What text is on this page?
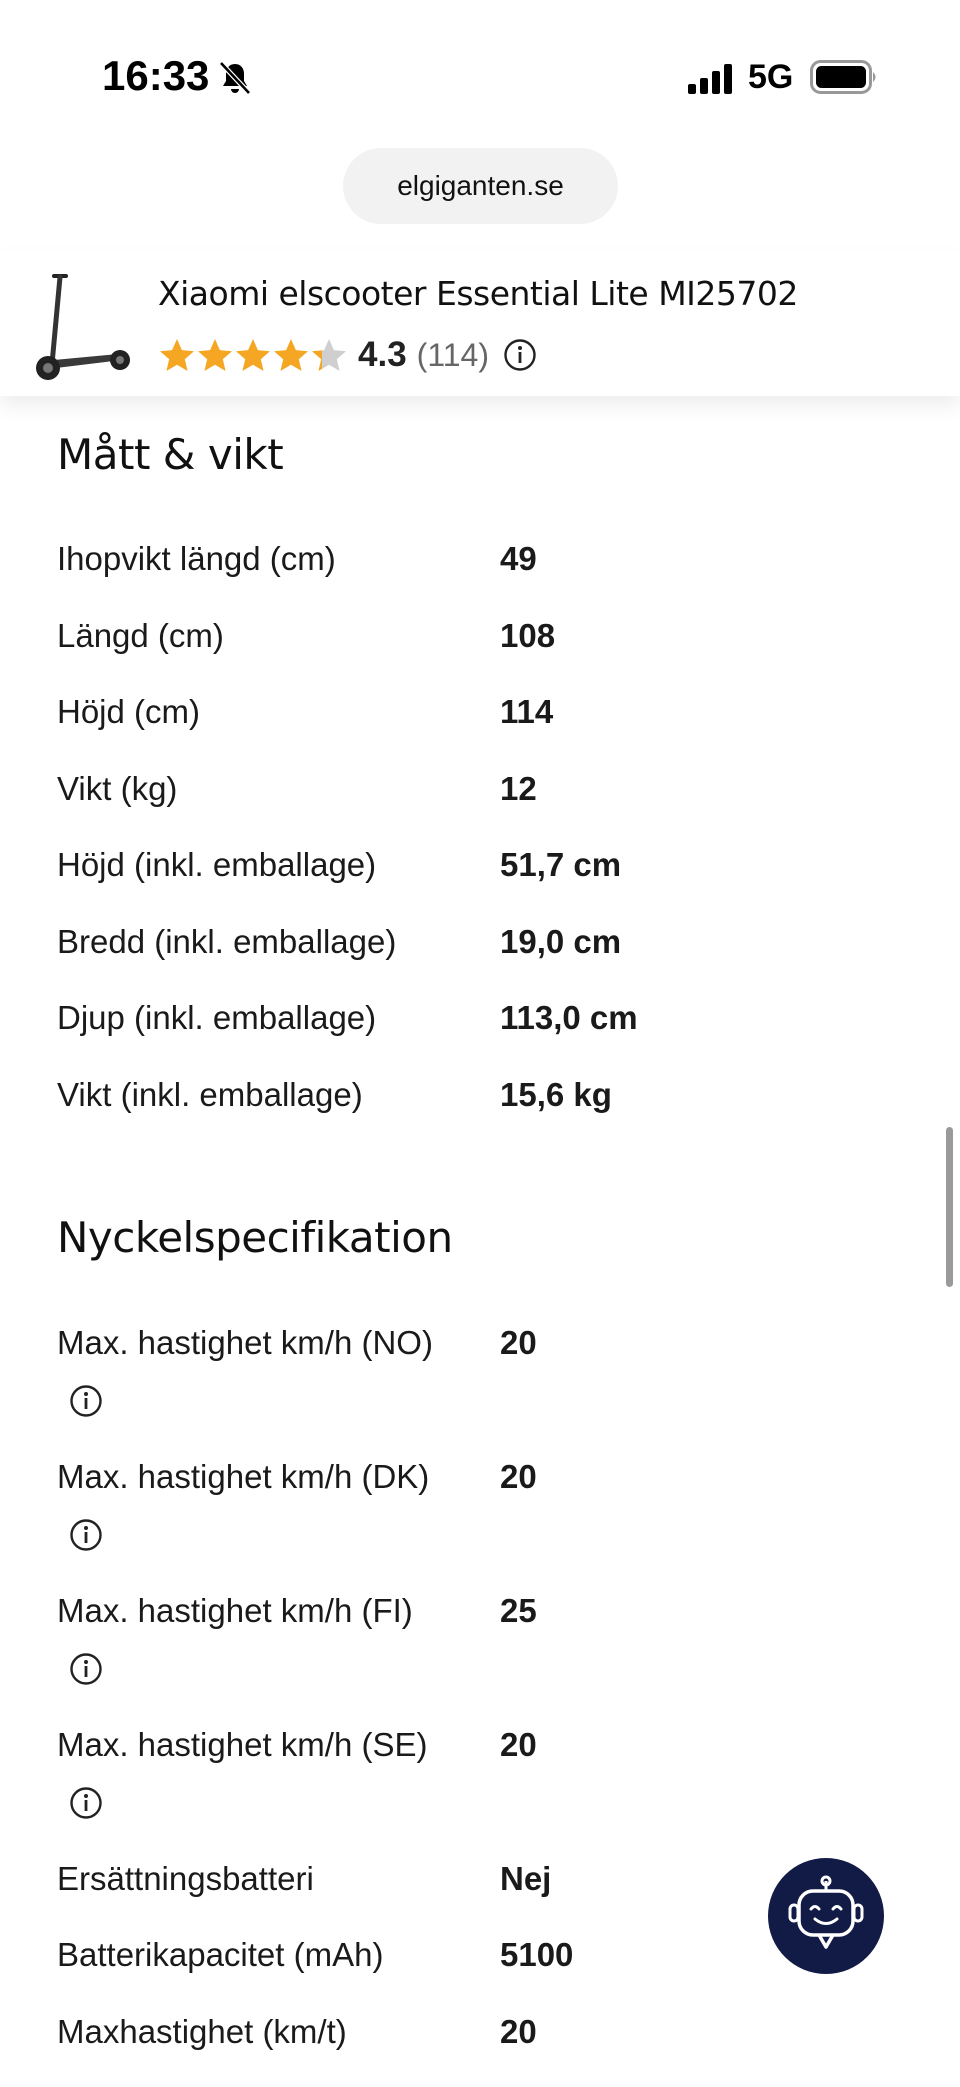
16:33	5G
elgiganten.se
Xiaomi elscooter Essential Lite MI25702
4.3 (114)
Mått & vikt
Ihopvikt längd (cm)	49
Längd (cm)	108
Höjd (cm)	114
Vikt (kg)	12
Höjd (inkl. emballage)	51,7 cm
Bredd (inkl. emballage)	19,0 cm
Djup (inkl. emballage)	113,0 cm
Vikt (inkl. emballage)	15,6 kg
Nyckelspecifikation
Max. hastighet km/h (NO) 20
Max. hastighet km/h (DK) 20
Max. hastighet km/h (FI)	25
Max. hastighet km/h (SE) 20
Ersättningsbatteri	Nej
Batterikapacitet (mAh)	5100
Maxhastighet (km/t)	20
